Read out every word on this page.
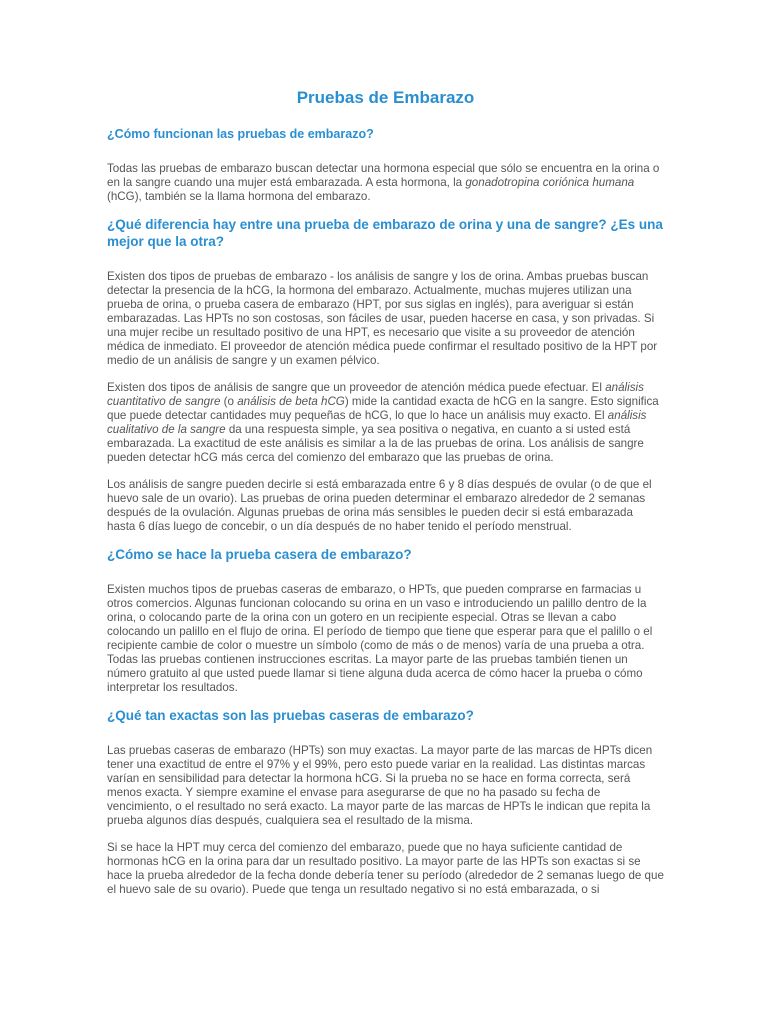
Pruebas de Embarazo
¿Cómo funcionan las pruebas de embarazo?

Todas las pruebas de embarazo buscan detectar una hormona especial que sólo se encuentra en la orina o en la sangre cuando una mujer está embarazada. A esta hormona, la gonadotropina coriónica humana (hCG), también se la llama hormona del embarazo.

¿Qué diferencia hay entre una prueba de embarazo de orina y una de sangre? ¿Es una mejor que la otra?

Existen dos tipos de pruebas de embarazo - los análisis de sangre y los de orina. Ambas pruebas buscan detectar la presencia de la hCG, la hormona del embarazo. Actualmente, muchas mujeres utilizan una prueba de orina, o prueba casera de embarazo (HPT, por sus siglas en inglés), para averiguar si están embarazadas. Las HPTs no son costosas, son fáciles de usar, pueden hacerse en casa, y son privadas. Si una mujer recibe un resultado positivo de una HPT, es necesario que visite a su proveedor de atención médica de inmediato. El proveedor de atención médica puede confirmar el resultado positivo de la HPT por medio de un análisis de sangre y un examen pélvico.

Existen dos tipos de análisis de sangre que un proveedor de atención médica puede efectuar. El análisis cuantitativo de sangre (o análisis de beta hCG) mide la cantidad exacta de hCG en la sangre. Esto significa que puede detectar cantidades muy pequeñas de hCG, lo que lo hace un análisis muy exacto. El análisis cualitativo de la sangre da una respuesta simple, ya sea positiva o negativa, en cuanto a si usted está embarazada. La exactitud de este análisis es similar a la de las pruebas de orina. Los análisis de sangre pueden detectar hCG más cerca del comienzo del embarazo que las pruebas de orina.

Los análisis de sangre pueden decirle si está embarazada entre 6 y 8 días después de ovular (o de que el huevo sale de un ovario). Las pruebas de orina pueden determinar el embarazo alrededor de 2 semanas después de la ovulación. Algunas pruebas de orina más sensibles le pueden decir si está embarazada hasta 6 días luego de concebir, o un día después de no haber tenido el período menstrual.

¿Cómo se hace la prueba casera de embarazo?

Existen muchos tipos de pruebas caseras de embarazo, o HPTs, que pueden comprarse en farmacias u otros comercios. Algunas funcionan colocando su orina en un vaso e introduciendo un palillo dentro de la orina, o colocando parte de la orina con un gotero en un recipiente especial. Otras se llevan a cabo colocando un palillo en el flujo de orina. El período de tiempo que tiene que esperar para que el palillo o el recipiente cambie de color o muestre un símbolo (como de más o de menos) varía de una prueba a otra. Todas las pruebas contienen instrucciones escritas. La mayor parte de las pruebas también tienen un número gratuito al que usted puede llamar si tiene alguna duda acerca de cómo hacer la prueba o cómo interpretar los resultados.

¿Qué tan exactas son las pruebas caseras de embarazo?

Las pruebas caseras de embarazo (HPTs) son muy exactas. La mayor parte de las marcas de HPTs dicen tener una exactitud de entre el 97% y el 99%, pero esto puede variar en la realidad. Las distintas marcas varían en sensibilidad para detectar la hormona hCG. Si la prueba no se hace en forma correcta, será menos exacta. Y siempre examine el envase para asegurarse de que no ha pasado su fecha de vencimiento, o el resultado no será exacto. La mayor parte de las marcas de HPTs le indican que repita la prueba algunos días después, cualquiera sea el resultado de la misma.

Si se hace la HPT muy cerca del comienzo del embarazo, puede que no haya suficiente cantidad de hormonas hCG en la orina para dar un resultado positivo. La mayor parte de las HPTs son exactas si se hace la prueba alrededor de la fecha donde debería tener su período (alrededor de 2 semanas luego de que el huevo sale de su ovario). Puede que tenga un resultado negativo si no está embarazada, o si
